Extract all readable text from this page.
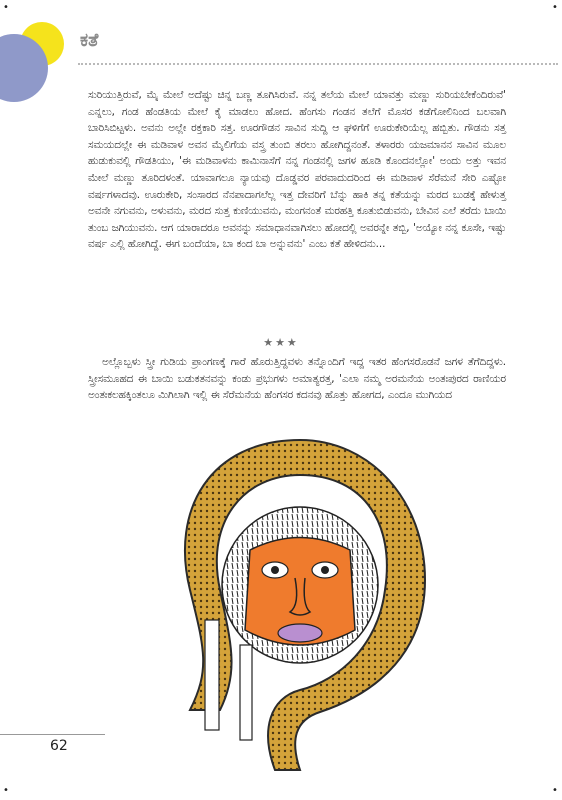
•	•
•	•
ಕತೆ

ಸುರಿಯುತ್ತಿರುವೆ, ಮೈ ಮೇಲೆ ಅದೆಷ್ಟು ಚಿನ್ನ ಬಣ್ಣ ತೂಗಿಸಿರುವೆ. ನನ್ನ ತಲೆಯ ಮೇಲೆ ಯಾವತ್ತು ಮಣ್ಣು ಸುರಿಯಬೇಕೆಂದಿರುವೆ' ಎನ್ನಲು, ಗಂಡ ಹೆಂಡತಿಯ ಮೇಲೆ ಕೈ ಮಾಡಲು ಹೋದ. ಹೆಂಗಸು ಗಂಡನ ತಲೆಗೆ ಮೊಸರ ಕಡೆಗೋಲಿನಿಂದ ಬಲವಾಗಿ ಬಾರಿಸಿಬಿಟ್ಟಳು. ಅವನು ಅಲ್ಲೇ ರಕ್ತಕಾರಿ ಸತ್ತ. ಊರಗೌಡನ ಸಾವಿನ ಸುದ್ದಿ ಆ ಘಳಿಗೆಗೆ ಊರುಕೇರಿಯೆಲ್ಲ ಹಬ್ಬಿತು. ಗೌಡನು ಸತ್ತ ಸಮಯದಲ್ಲೇ ಈ ಮಡಿವಾಳ ಅವನ ಮೈಲಿಗೆಯ ವಸ್ತ್ರ ತುಂಬಿ ತರಲು ಹೋಗಿದ್ದನಂತೆ. ತಳಾರರು ಯಜಮಾನನ ಸಾವಿನ ಮೂಲ ಹುಡುಕುವಲ್ಲಿ ಗೌಡತಿಯು, 'ಈ ಮಡಿವಾಳನು ಕಾಮಿನಾಸೆಗೆ ನನ್ನ ಗಂಡನಲ್ಲಿ ಜಗಳ ಹೂಡಿ ಕೊಂದನಲ್ಲೋ' ಅಂದು ಅತ್ತು ಇವನ ಮೇಲೆ ಮಣ್ಣು ತೂರಿದಳಂತೆ. ಯಾವಾಗಲೂ ನ್ಯಾಯವು ದೊಡ್ಡವರ ಪರವಾದುದರಿಂದ ಈ ಮಡಿವಾಳ ಸೆರೆಮನೆ ಸೇರಿ ಎಷ್ಟೋ ವರ್ಷಗಳಾದವು. ಊರುಕೇರಿ, ಸಂಸಾರದ ನೆನಪಾದಾಗಲೆಲ್ಲ ಇತ್ತ ದೇವರಿಗೆ ಬೆನ್ನು ಹಾಕಿ ತನ್ನ ಕತೆಯನ್ನು ಮರದ ಬುಡಕ್ಕೆ ಹೇಳುತ್ತ ಅವನೇ ನಗುವನು, ಅಳುವನು, ಮರದ ಸುತ್ತ ಕುಣಿಯುವನು, ಮಂಗನಂತೆ ಮರಹತ್ತಿ ಕೂತುಬಿಡುವನು, ಬೇವಿನ ಎಲೆ ತರೆದು ಬಾಯಿ ತುಂಬ ಜಗಿಯುವನು. ಆಗ ಯಾರಾದರೂ ಅವನನ್ನು ಸಮಾಧಾನವಾಗಿಸಲು ಹೋದಲ್ಲಿ ಅವರನ್ನೇ ತಬ್ಬಿ, 'ಅಯ್ಯೋ ನನ್ನ ಕೂಸೇ, ಇಷ್ಟು ವರ್ಷ ಎಲ್ಲಿ ಹೋಗಿದ್ದೆ. ಈಗ ಬಂದೆಯಾ, ಬಾ ಕಂದ ಬಾ ಅನ್ನುವನು' ಎಂಬ ಕತೆ ಹೇಳಿದನು...

★★★

ಅಲ್ಲೊಬ್ಬಳು ಸ್ತ್ರೀ ಗುಡಿಯ ಪ್ರಾಂಗಣಕ್ಕೆ ಗಾರೆ ಹೊರುತ್ತಿದ್ದವಳು ತನ್ನೊಂದಿಗೆ ಇದ್ದ ಇತರ ಹೆಂಗಸರೊಡನೆ ಜಗಳ ತೆಗೆದಿದ್ದಳು. ಸ್ತ್ರೀಸಮೂಹದ ಈ ಬಾಯಿ ಬಡುಕತನವನ್ನು ಕಂಡು ಪ್ರಭುಗಳು ಅಮಾತ್ಯರತ್ತ, 'ಎಲಾ ನಮ್ಮ ಅರಮನೆಯ ಅಂತಃಪುರದ ರಾಣಿಯರ ಅಂತಃಕಲಹಕ್ಕಿಂತಲೂ ಮಿಗಿಲಾಗಿ ಇಲ್ಲಿ ಈ ಸೆರೆಮನೆಯ ಹೆಂಗಸರ ಕದನವು ಹೊತ್ತು ಹೋಗದ, ಎಂದೂ ಮುಗಿಯದ

62
